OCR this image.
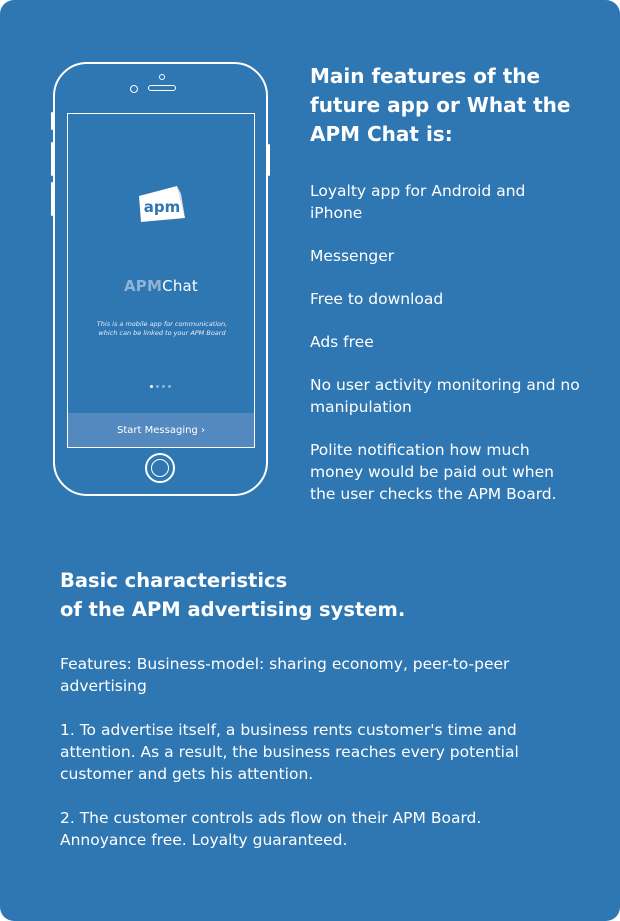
apm
APMChat
This is a mobile app for communication, which can be linked to your APM Board
Start Messaging
›
Main features of the future app or What the APM Chat is:
Loyalty app for Android and iPhone
Messenger
Free to download
Ads free
No user activity monitoring and no manipulation
Polite notification how much money would be paid out when the user checks the APM Board.
Basic characteristics
of the APM advertising system.

Features: Business-model: sharing economy, peer-to-peer advertising

1. To advertise itself, a business rents customer's time and attention. As a result, the business reaches every potential customer and gets his attention.

2. The customer controls ads flow on their APM Board. Annoyance free. Loyalty guaranteed.
